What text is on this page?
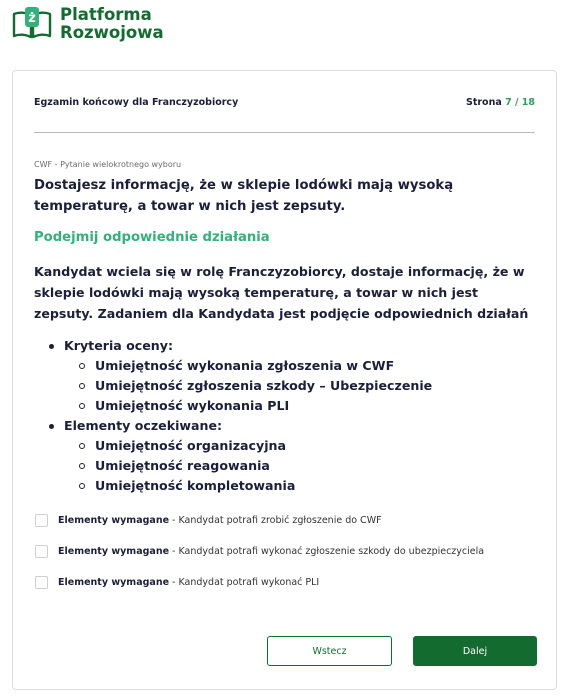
ż Platforma
Rozwojowa
Egzamin końcowy dla Franczyzobiorcy	Strona 7 / 18
CWF - Pytanie wielokrotnego wyboru
Dostajesz informację, że w sklepie lodówki mają wysoką temperaturę, a towar w nich jest zepsuty.
Podejmij odpowiednie działania
Kandydat wciela się w rolę Franczyzobiorcy, dostaje informację, że w sklepie lodówki mają wysoką temperaturę, a towar w nich jest zepsuty. Zadaniem dla Kandydata jest podjęcie odpowiednich działań
Kryteria oceny:
Umiejętność wykonania zgłoszenia w CWF
Umiejętność zgłoszenia szkody – Ubezpieczenie
Umiejętność wykonania PLI
Elementy oczekiwane:
Umiejętność organizacyjna
Umiejętność reagowania
Umiejętność kompletowania
Elementy wymagane - Kandydat potrafi zrobić zgłoszenie do CWF
Elementy wymagane - Kandydat potrafi wykonać zgłoszenie szkody do ubezpieczyciela
Elementy wymagane - Kandydat potrafi wykonać PLI
Wstecz	Dalej
